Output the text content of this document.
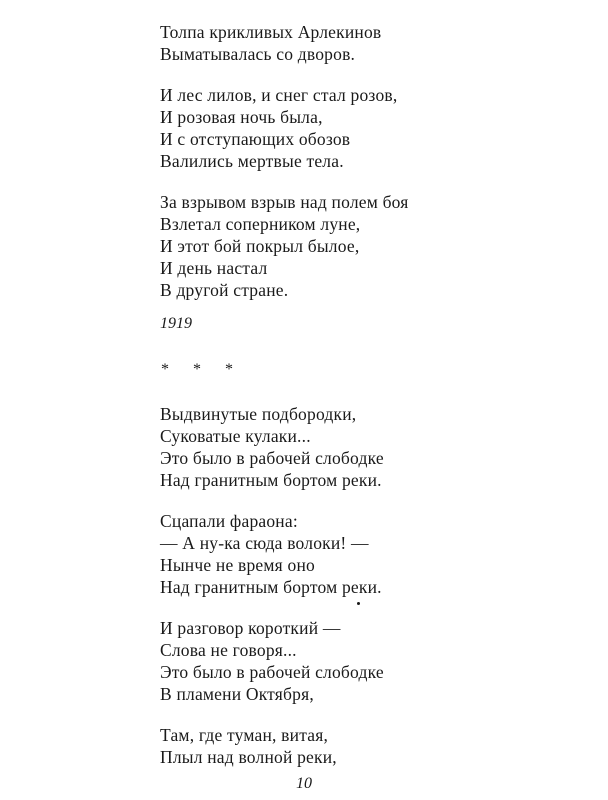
Толпа крикливых Арлекинов
Выматывалась со дворов.
И лес лилов, и снег стал розов,
И розовая ночь была,
И с отступающих обозов
Валились мертвые тела.
За взрывом взрыв над полем боя
Взлетал соперником луне,
И этот бой покрыл былое,
И день настал
В другой стране.
1919
* * *
Выдвинутые подбородки,
Суковатые кулаки...
Это было в рабочей слободке
Над гранитным бортом реки.
Сцапали фараона:
— А ну-ка сюда волоки! —
Нынче не время оно
Над гранитным бортом реки.
И разговор короткий —
Слова не говоря...
Это было в рабочей слободке
В пламени Октября,
Там, где туман, витая,
Плыл над волной реки,
10
